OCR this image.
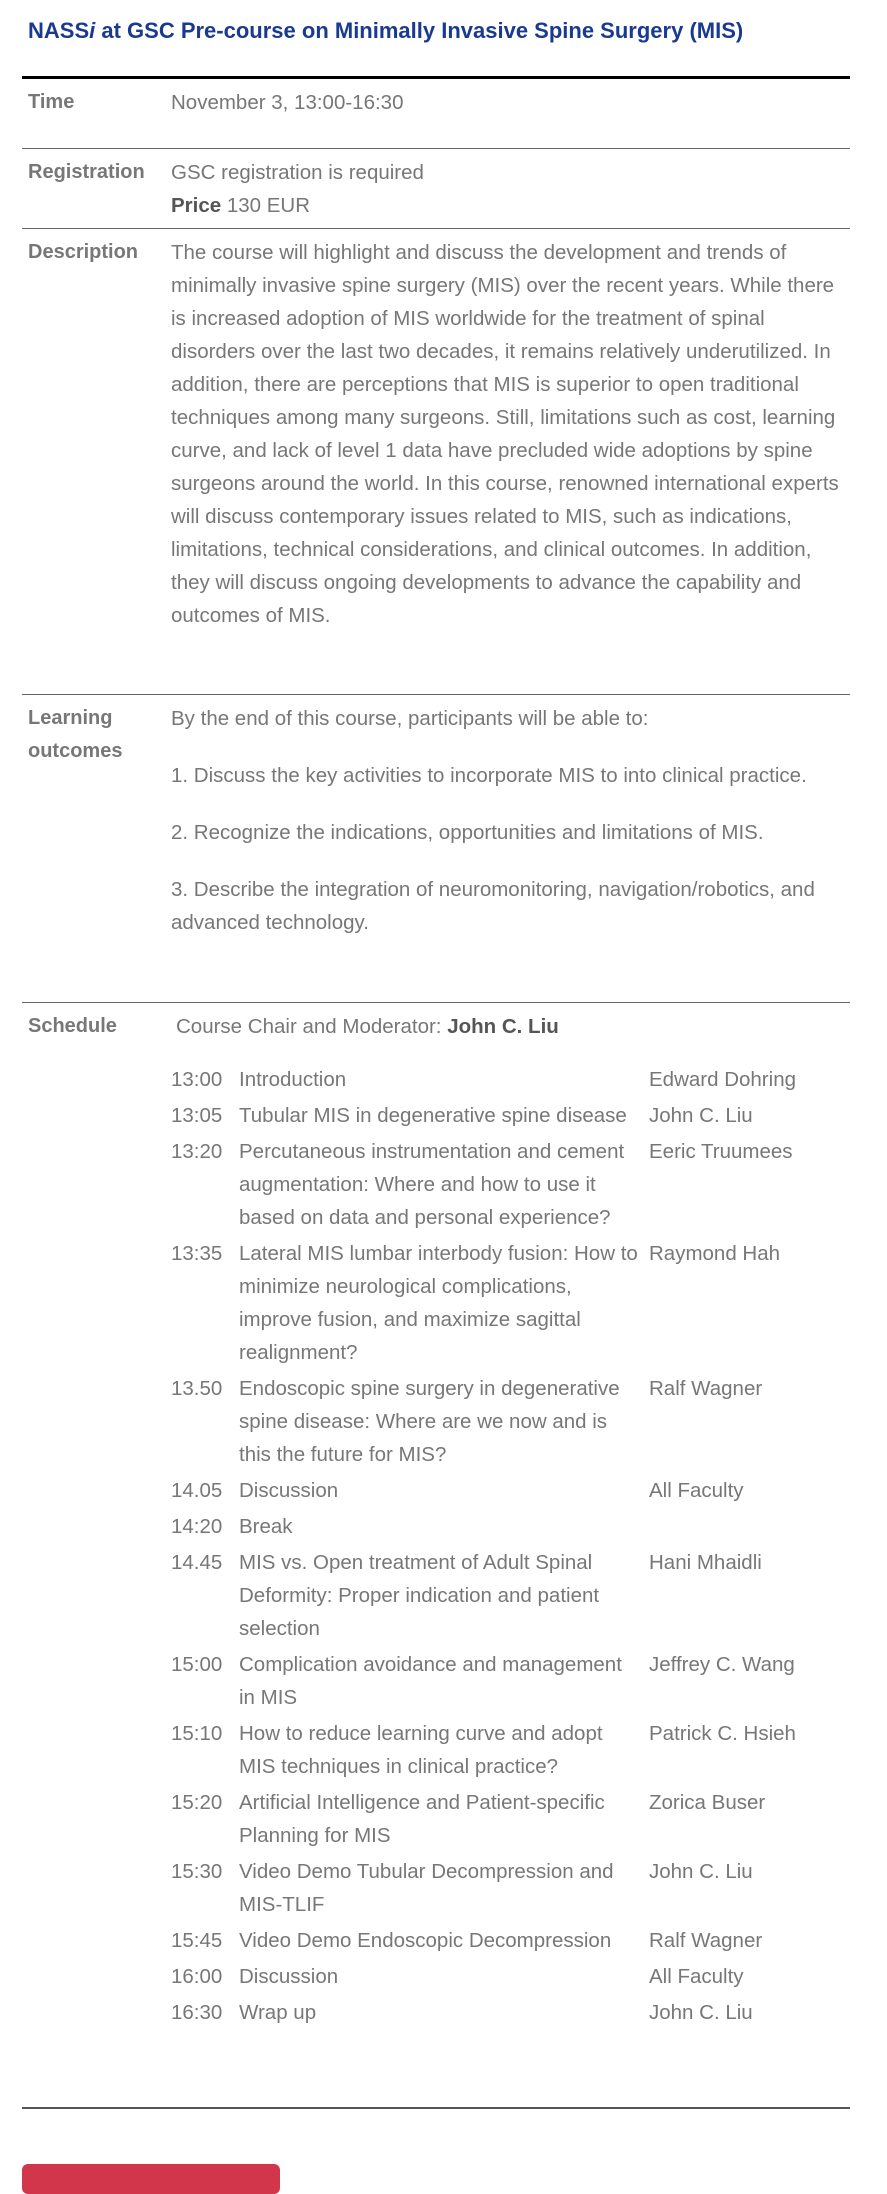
NASSi at GSC Pre-course on Minimally Invasive Spine Surgery (MIS)
Time	November 3, 13:00-16:30
Registration	GSC registration is required

Price 130 EUR

Description	The course will highlight and discuss the development and trends of minimally invasive spine surgery (MIS) over the recent years. While there is increased adoption of MIS worldwide for the treatment of spinal disorders over the last two decades, it remains relatively underutilized. In addition, there are perceptions that MIS is superior to open traditional techniques among many surgeons. Still, limitations such as cost, learning curve, and lack of level 1 data have precluded wide adoptions by spine surgeons around the world. In this course, renowned international experts will discuss contemporary issues related to MIS, such as indications, limitations, technical considerations, and clinical outcomes. In addition, they will discuss ongoing developments to advance the capability and outcomes of MIS.
Learning
outcomes

By the end of this course, participants will be able to:

1. Discuss the key activities to incorporate MIS to into clinical practice.

2. Recognize the indications, opportunities and limitations of MIS.

3. Describe the integration of neuromonitoring, navigation/robotics, and advanced technology.

Schedule	Course Chair and Moderator: John C. Liu
13:00	Introduction	Edward Dohring
13:05	Tubular MIS in degenerative spine disease	John C. Liu
13:20	Percutaneous instrumentation and cement augmentation: Where and how to use it based on data and personal experience?	Eeric Truumees
13:35	Lateral MIS lumbar interbody fusion: How to minimize neurological complications, improve fusion, and maximize sagittal realignment?	Raymond Hah
13.50	Endoscopic spine surgery in degenerative spine disease: Where are we now and is this the future for MIS?	Ralf Wagner
14.05	Discussion	All Faculty
14:20	Break	
14.45	MIS vs. Open treatment of Adult Spinal Deformity: Proper indication and patient selection	Hani Mhaidli
15:00	Complication avoidance and management in MIS	Jeffrey C. Wang
15:10	How to reduce learning curve and adopt MIS techniques in clinical practice?	Patrick C. Hsieh
15:20	Artificial Intelligence and Patient-specific Planning for MIS	Zorica Buser
15:30	Video Demo Tubular Decompression and MIS-TLIF	John C. Liu
15:45	Video Demo Endoscopic Decompression	Ralf Wagner
16:00	Discussion	All Faculty
16:30	Wrap up	John C. Liu
